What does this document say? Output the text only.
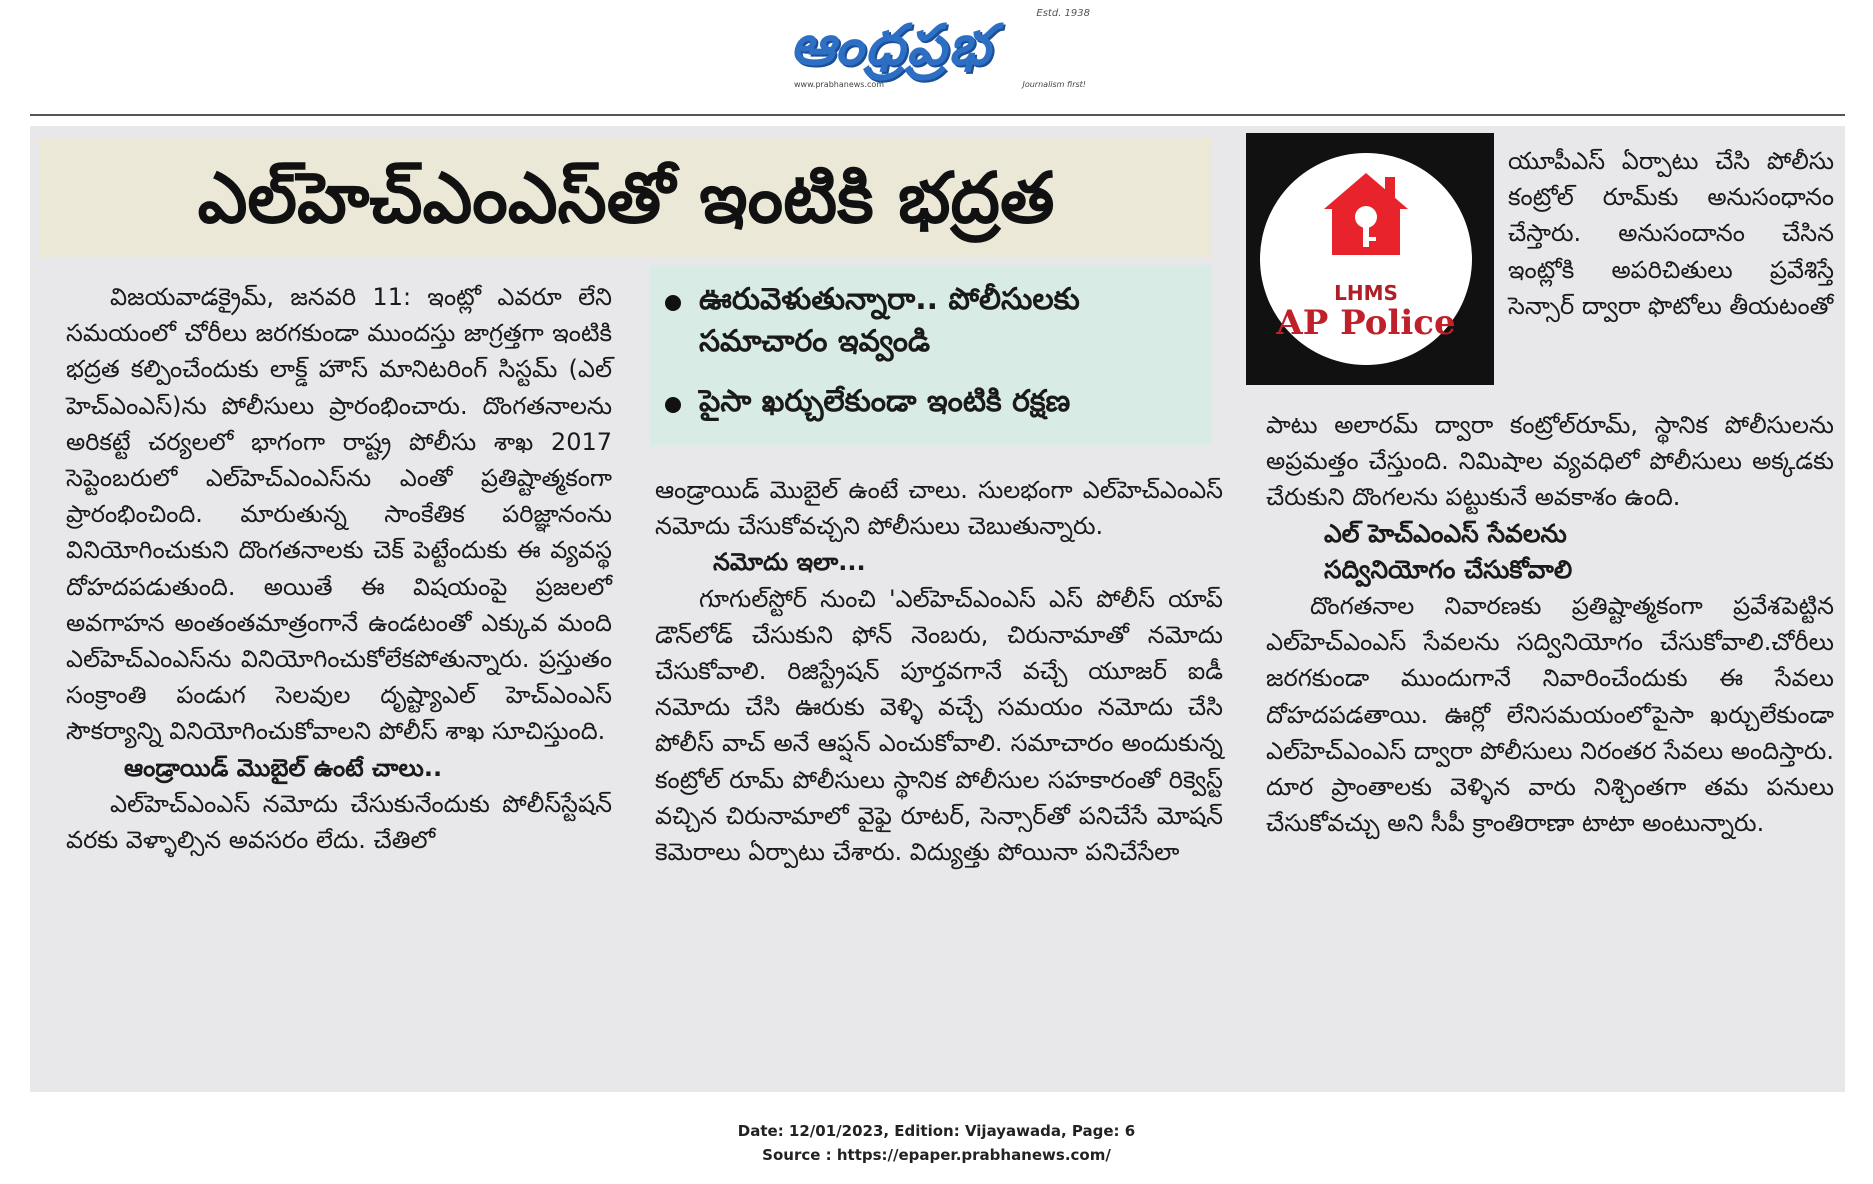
ఆంధ్రప్రభ	Estd. 1938
www.prabhanews.com	Journalism first!
ఎల్‌హెచ్‌ఎంఎస్‌తో ఇంటికి భద్రత
ఊరువెళుతున్నారా.. పోలీసులకు సమాచారం ఇవ్వండి
పైసా ఖర్చులేకుండా ఇంటికి రక్షణ

విజయవాడక్రైమ్, జనవరి 11: ఇంట్లో ఎవరూ లేని సమయంలో చోరీలు జరగకుండా ముందస్తు జాగ్రత్తగా ఇంటికి భద్రత కల్పించేందుకు లాక్డ్ హౌస్ మానిటరింగ్ సిస్టమ్ (ఎల్ హెచ్ఎంఎస్)ను పోలీసులు ప్రారంభించారు. దొంగతనాలను అరికట్టే చర్యలలో భాగంగా రాష్ట్ర పోలీసు శాఖ 2017 సెప్టెంబరులో ఎల్‌హెచ్‌ఎంఎస్‌ను ఎంతో ప్రతిష్టాత్మకంగా ప్రారంభించింది. మారుతున్న సాంకేతిక పరిజ్ఞానంను వినియోగించుకుని దొంగతనాలకు చెక్ పెట్టేందుకు ఈ వ్యవస్థ దోహదపడుతుంది. అయితే ఈ విషయంపై ప్రజలలో అవగాహన అంతంతమాత్రంగానే ఉండటంతో ఎక్కువ మంది ఎల్‌హెచ్‌ఎంఎస్‌ను వినియోగించుకోలేకపోతున్నారు. ప్రస్తుతం సంక్రాంతి పండుగ సెలవుల దృష్ట్యాఎల్ హెచ్ఎంఎస్ సౌకర్యాన్ని వినియోగించుకోవాలని పోలీస్ శాఖ సూచిస్తుంది.

ఆండ్రాయిడ్ మొబైల్ ఉంటే చాలు..

ఎల్‌హెచ్‌ఎంఎస్ నమోదు చేసుకునేందుకు పోలీస్‌స్టేషన్ వరకు వెళ్ళాల్సిన అవసరం లేదు. చేతిలో

ఆండ్రాయిడ్ మొబైల్ ఉంటే చాలు. సులభంగా ఎల్‌హెచ్‌ఎంఎస్ నమోదు చేసుకోవచ్చని పోలీసులు చెబుతున్నారు.

నమోదు ఇలా...

గూగుల్‌స్టోర్ నుంచి 'ఎల్‌హెచ్‌ఎంఎస్ ఎస్ పోలీస్ యాప్ డౌన్‌లోడ్ చేసుకుని ఫోన్ నెంబరు, చిరునామాతో నమోదు చేసుకోవాలి. రిజిస్ట్రేషన్ పూర్తవగానే వచ్చే యూజర్ ఐడీ నమోదు చేసి ఊరుకు వెళ్ళి వచ్చే సమయం నమోదు చేసి పోలీస్ వాచ్ అనే ఆప్షన్ ఎంచుకోవాలి. సమాచారం అందుకున్న కంట్రోల్ రూమ్ పోలీసులు స్థానిక పోలీసుల సహకారంతో రిక్వెస్ట్ వచ్చిన చిరునామాలో వైఫై రూటర్, సెన్సార్‌తో పనిచేసే మోషన్ కెమెరాలు ఏర్పాటు చేశారు. విద్యుత్తు పోయినా పనిచేసేలా

LHMS
AP Police

యూపీఎస్ ఏర్పాటు చేసి పోలీసు కంట్రోల్ రూమ్‌కు అనుసంధానం చేస్తారు. అనుసందానం చేసిన ఇంట్లోకి అపరిచితులు ప్రవేశిస్తే సెన్సార్ ద్వారా ఫొటోలు తీయటంతో

పాటు అలారమ్ ద్వారా కంట్రోల్‌రూమ్, స్థానిక పోలీసులను అప్రమత్తం చేస్తుంది. నిమిషాల వ్యవధిలో పోలీసులు అక్కడకు చేరుకుని దొంగలను పట్టుకునే అవకాశం ఉంది.

ఎల్ హెచ్ఎంఎస్ సేవలను

సద్వినియోగం చేసుకోవాలి

దొంగతనాల నివారణకు ప్రతిష్టాత్మకంగా ప్రవేశపెట్టిన ఎల్‌హెచ్‌ఎంఎస్ సేవలను సద్వినియోగం చేసుకోవాలి.చోరీలు జరగకుండా ముందుగానే నివారించేందుకు ఈ సేవలు దోహదపడతాయి. ఊర్లో లేనిసమయంలోపైసా ఖర్చులేకుండా ఎల్‌హెచ్‌ఎంఎస్ ద్వారా పోలీసులు నిరంతర సేవలు అందిస్తారు. దూర ప్రాంతాలకు వెళ్ళిన వారు నిశ్చింతగా తమ పనులు చేసుకోవచ్చు అని సీపీ క్రాంతిరాణా టాటా అంటున్నారు.

Date: 12/01/2023, Edition: Vijayawada, Page: 6
Source : https://epaper.prabhanews.com/
